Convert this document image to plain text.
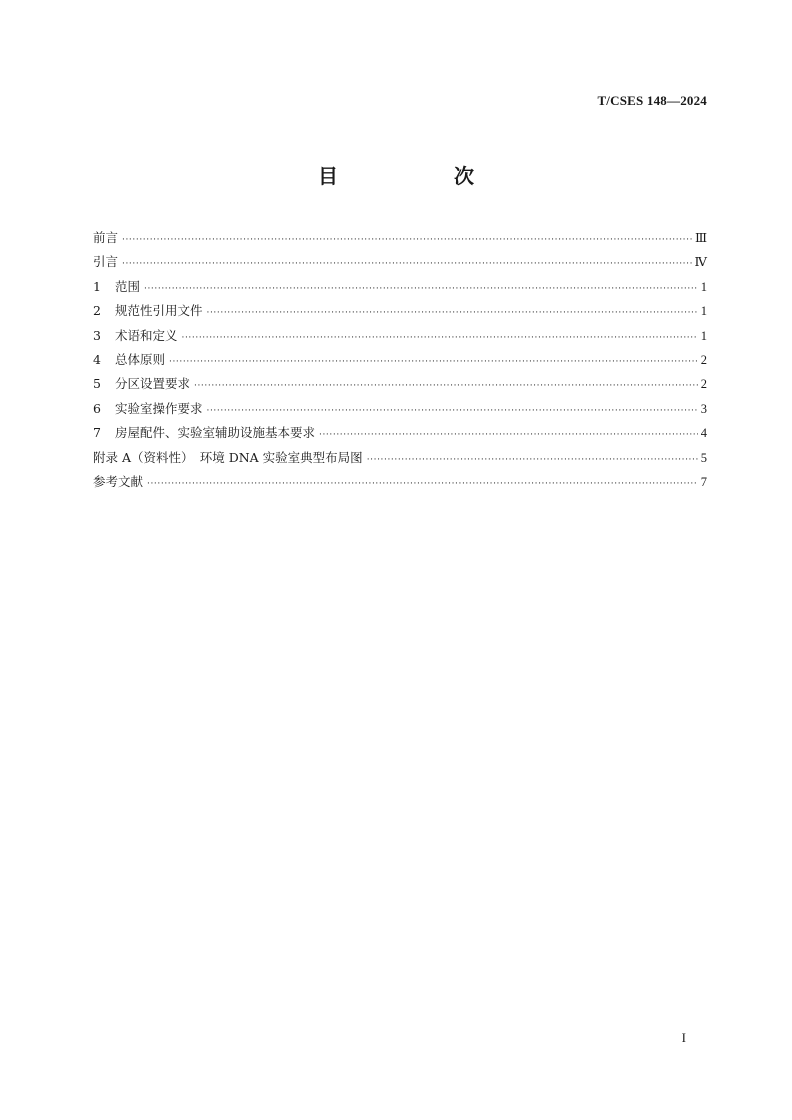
T/CSES 148—2024
目　次
前言 ·····	Ⅲ
引言 ·····	Ⅳ
1	范围 ·····	1
2	规范性引用文件 ·····	1
3	术语和定义 ·····	1
4	总体原则 ·····	2
5	分区设置要求 ·····	2
6	实验室操作要求 ·····	3
7	房屋配件、实验室辅助设施基本要求 ·····	4
附录 A（资料性）　环境 DNA 实验室典型布局图 ·····	5
参考文献 ·····	7
I
